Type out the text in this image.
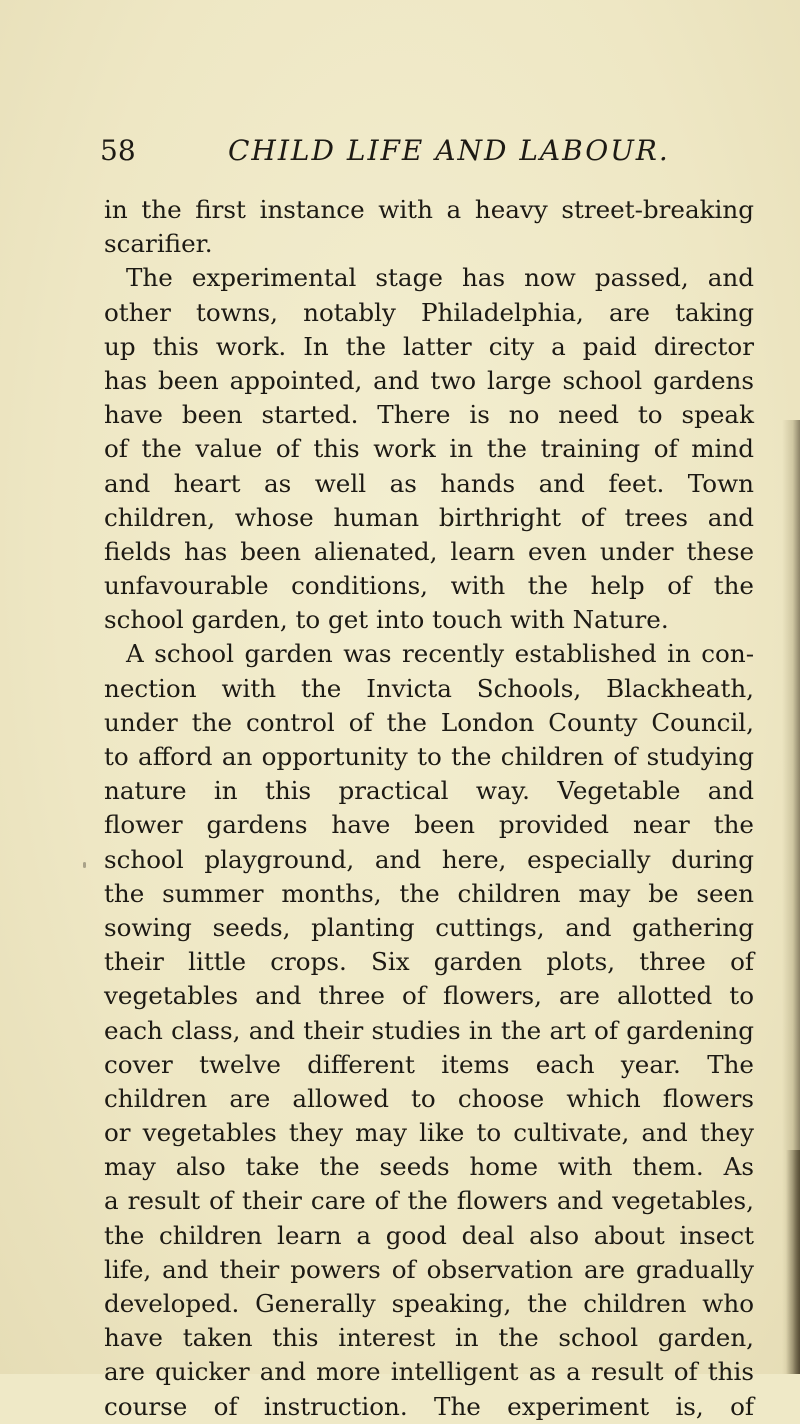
58	CHILD LIFE AND LABOUR.
in the first instance with a heavy street-breaking
scarifier.
The experimental stage has now passed, and
other towns, notably Philadelphia, are taking
up this work. In the latter city a paid director
has been appointed, and two large school gardens
have been started. There is no need to speak
of the value of this work in the training of mind
and heart as well as hands and feet. Town
children, whose human birthright of trees and
fields has been alienated, learn even under these
unfavourable conditions, with the help of the
school garden, to get into touch with Nature.
A school garden was recently established in con-
nection with the Invicta Schools, Blackheath,
under the control of the London County Council,
to afford an opportunity to the children of studying
nature in this practical way. Vegetable and
flower gardens have been provided near the
school playground, and here, especially during
the summer months, the children may be seen
sowing seeds, planting cuttings, and gathering
their little crops. Six garden plots, three of
vegetables and three of flowers, are allotted to
each class, and their studies in the art of gardening
cover twelve different items each year. The
children are allowed to choose which flowers
or vegetables they may like to cultivate, and they
may also take the seeds home with them. As
a result of their care of the flowers and vegetables,
the children learn a good deal also about insect
life, and their powers of observation are gradually
developed. Generally speaking, the children who
have taken this interest in the school garden,
are quicker and more intelligent as a result of this
course of instruction. The experiment is, of
